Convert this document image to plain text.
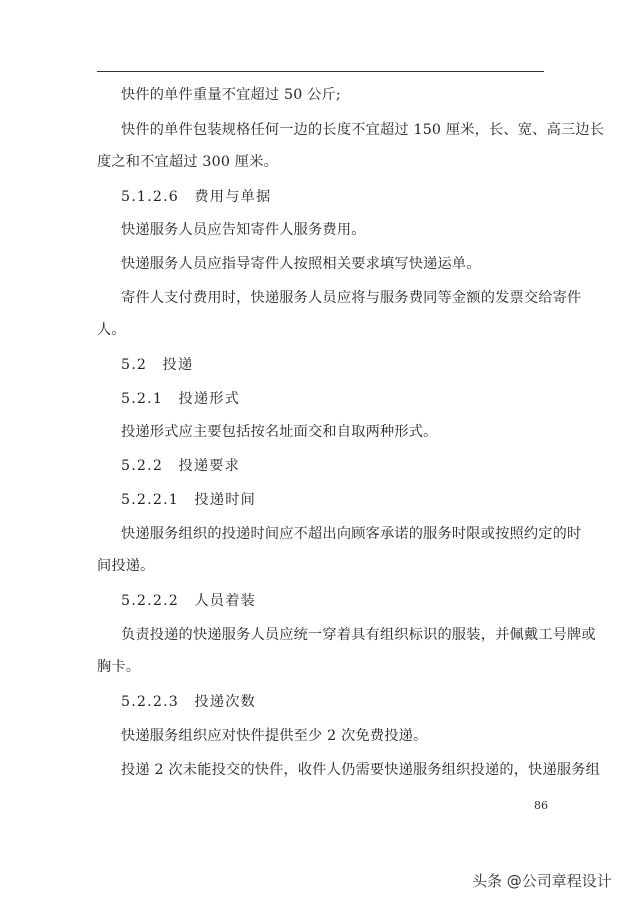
快件的单件重量不宜超过 50 公斤;
快件的单件包装规格任何一边的长度不宜超过 150 厘米，长、宽、高三边长
度之和不宜超过 300 厘米。
5.1.2.6　费用与单据
快递服务人员应告知寄件人服务费用。
快递服务人员应指导寄件人按照相关要求填写快递运单。
寄件人支付费用时，快递服务人员应将与服务费同等金额的发票交给寄件
人。
5.2　投递
5.2.1　投递形式
投递形式应主要包括按名址面交和自取两种形式。
5.2.2　投递要求
5.2.2.1　投递时间
快递服务组织的投递时间应不超出向顾客承诺的服务时限或按照约定的时
间投递。
5.2.2.2　人员着装
负责投递的快递服务人员应统一穿着具有组织标识的服装，并佩戴工号牌或
胸卡。
5.2.2.3　投递次数
快递服务组织应对快件提供至少 2 次免费投递。
投递 2 次未能投交的快件，收件人仍需要快递服务组织投递的，快递服务组
86
头条 @公司章程设计
